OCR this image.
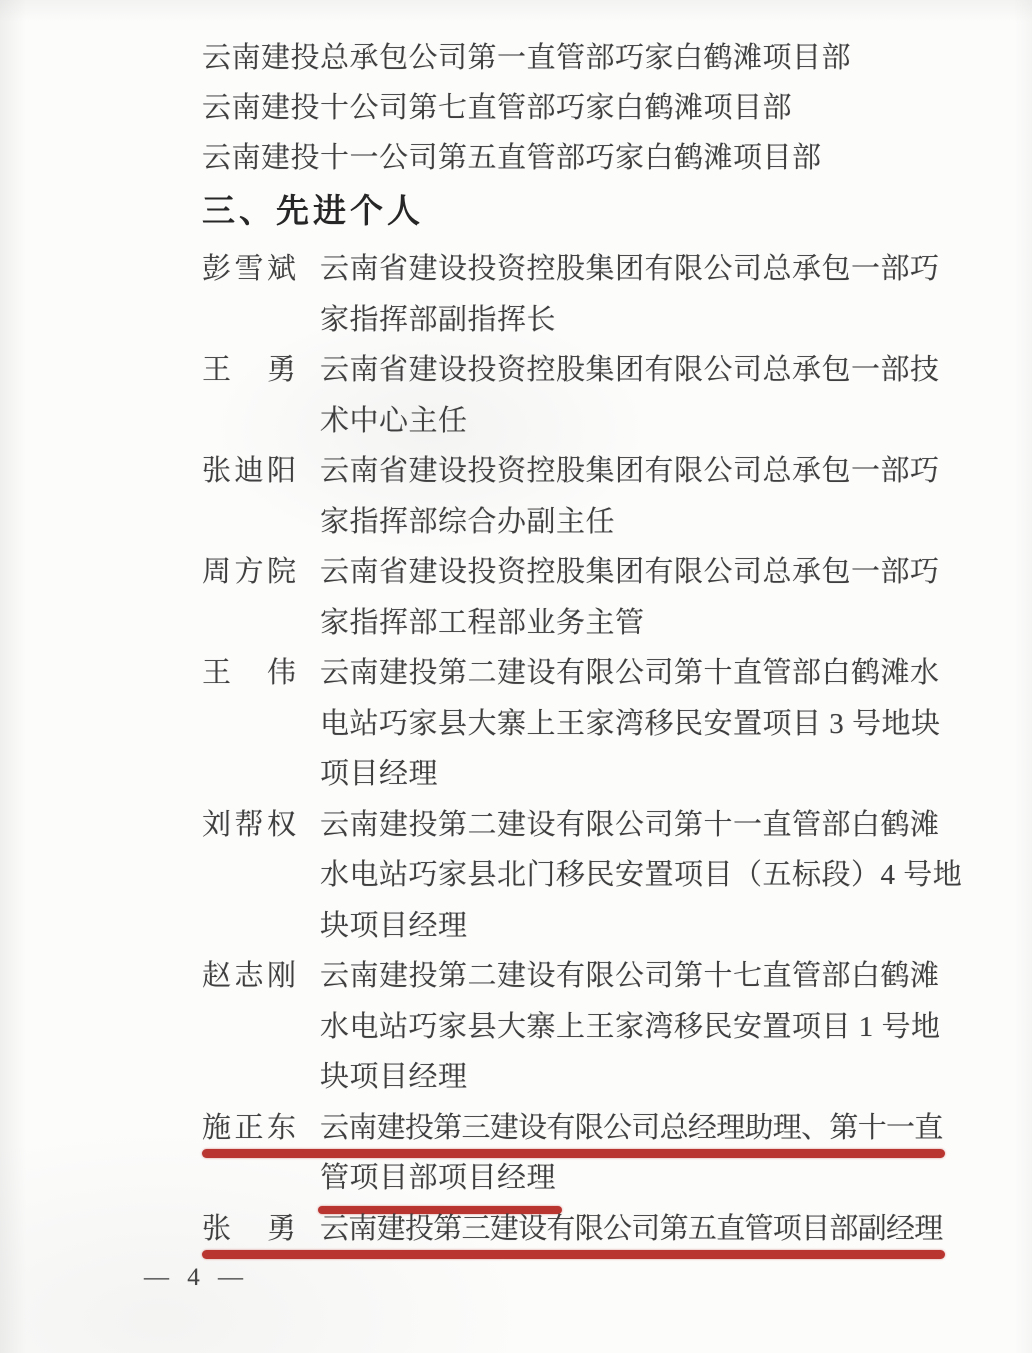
云南建投总承包公司第一直管部巧家白鹤滩项目部
云南建投十公司第七直管部巧家白鹤滩项目部
云南建投十一公司第五直管部巧家白鹤滩项目部
三、先进个人
彭雪斌 云南省建设投资控股集团有限公司总承包一部巧
家指挥部副指挥长
王　勇 云南省建设投资控股集团有限公司总承包一部技
术中心主任
张迪阳 云南省建设投资控股集团有限公司总承包一部巧
家指挥部综合办副主任
周方院 云南省建设投资控股集团有限公司总承包一部巧
家指挥部工程部业务主管
王　伟 云南建投第二建设有限公司第十直管部白鹤滩水
电站巧家县大寨上王家湾移民安置项目 3 号地块
项目经理
刘帮权 云南建投第二建设有限公司第十一直管部白鹤滩
水电站巧家县北门移民安置项目（五标段）4 号地
块项目经理
赵志刚 云南建投第二建设有限公司第十七直管部白鹤滩
水电站巧家县大寨上王家湾移民安置项目 1 号地
块项目经理
施正东 云南建投第三建设有限公司总经理助理、第十一直
管项目部项目经理
张　勇 云南建投第三建设有限公司第五直管项目部副经理
— 4 —
